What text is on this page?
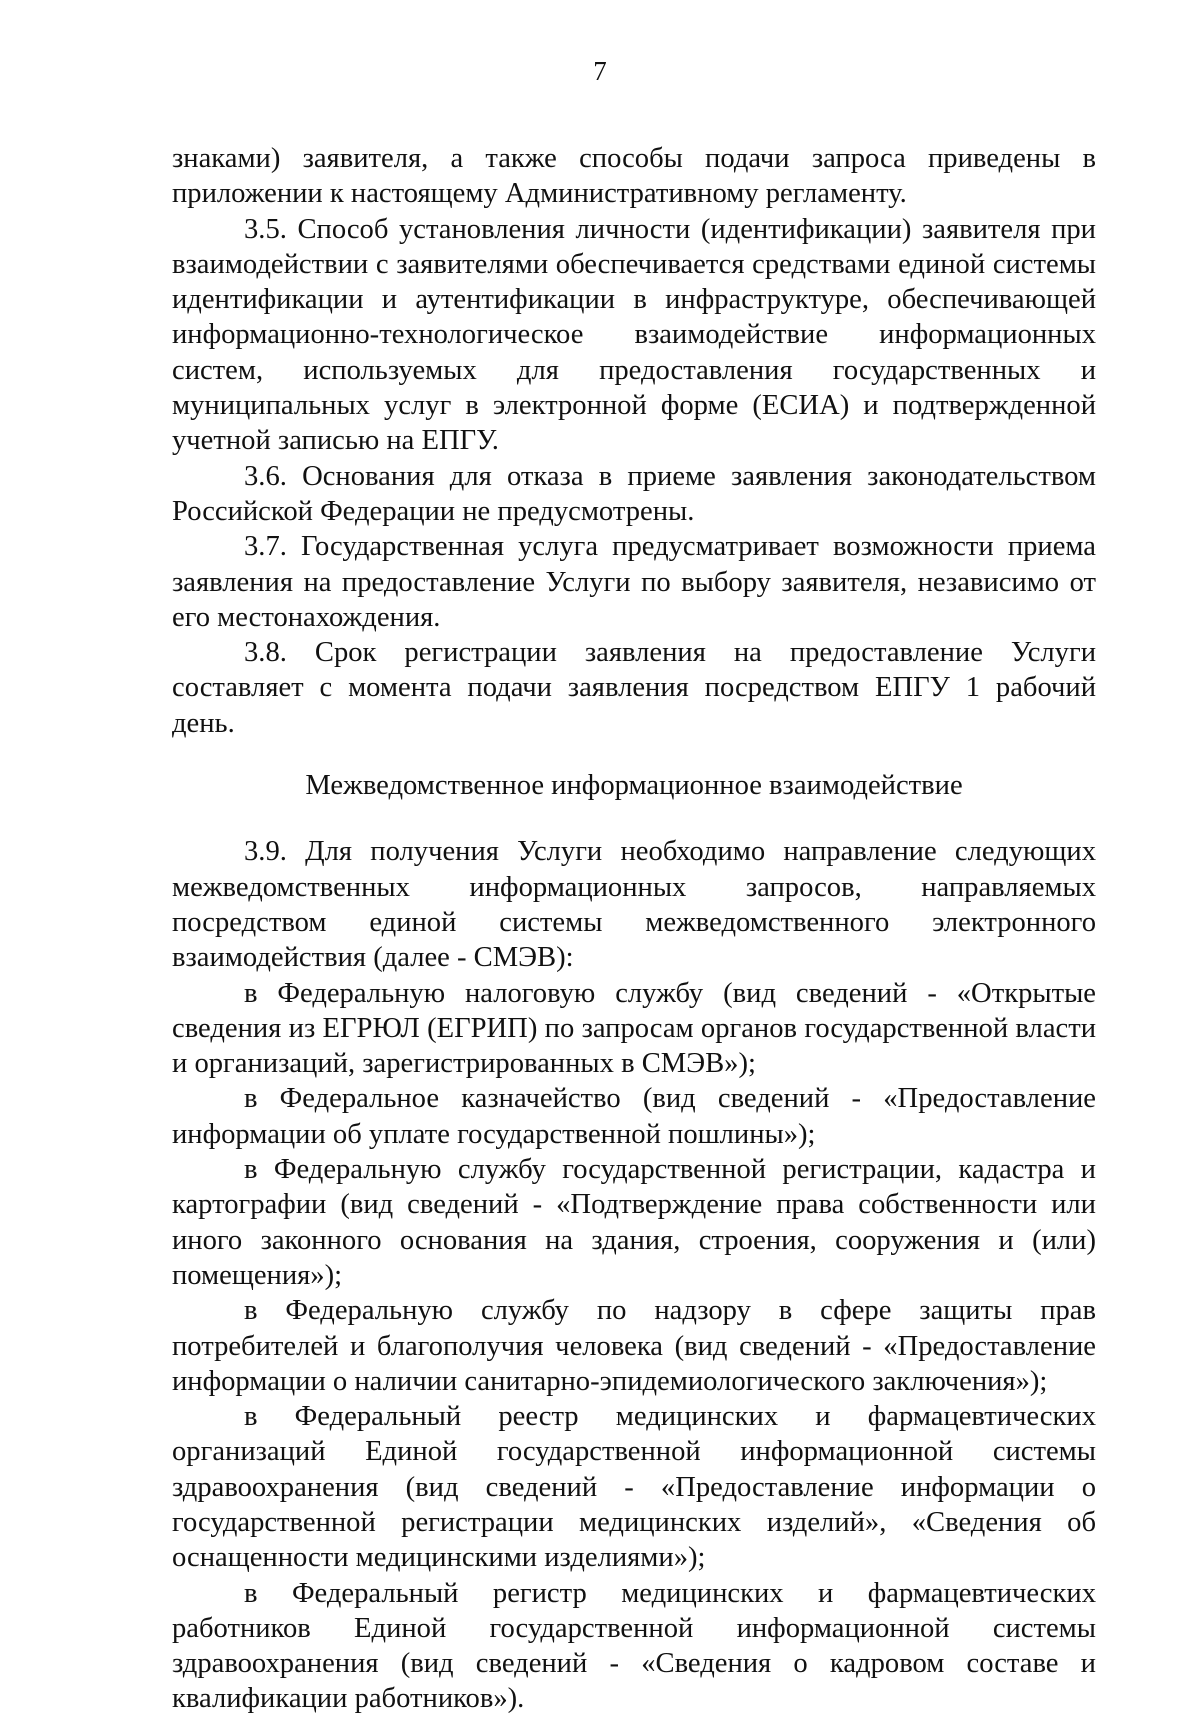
7

знаками) заявителя, а также способы подачи запроса приведены в приложении к настоящему Административному регламенту.

3.5. Способ установления личности (идентификации) заявителя при взаимодействии с заявителями обеспечивается средствами единой системы идентификации и аутентификации в инфраструктуре, обеспечивающей информационно-технологическое взаимодействие информационных систем, используемых для предоставления государственных и муниципальных услуг в электронной форме (ЕСИА) и подтвержденной учетной записью на ЕПГУ.

3.6. Основания для отказа в приеме заявления законодательством Российской Федерации не предусмотрены.

3.7. Государственная услуга предусматривает возможности приема заявления на предоставление Услуги по выбору заявителя, независимо от его местонахождения.

3.8. Срок регистрации заявления на предоставление Услуги составляет с момента подачи заявления посредством ЕПГУ 1 рабочий день.

Межведомственное информационное взаимодействие

3.9. Для получения Услуги необходимо направление следующих межведомственных информационных запросов, направляемых посредством единой системы межведомственного электронного взаимодействия (далее - СМЭВ):

в Федеральную налоговую службу (вид сведений - «Открытые сведения из ЕГРЮЛ (ЕГРИП) по запросам органов государственной власти и организаций, зарегистрированных в СМЭВ»);

в Федеральное казначейство (вид сведений - «Предоставление информации об уплате государственной пошлины»);

в Федеральную службу государственной регистрации, кадастра и картографии (вид сведений - «Подтверждение права собственности или иного законного основания на здания, строения, сооружения и (или) помещения»);

в Федеральную службу по надзору в сфере защиты прав потребителей и благополучия человека (вид сведений - «Предоставление информации о наличии санитарно-эпидемиологического заключения»);

в Федеральный реестр медицинских и фармацевтических организаций Единой государственной информационной системы здравоохранения (вид сведений - «Предоставление информации о государственной регистрации медицинских изделий», «Сведения об оснащенности медицинскими изделиями»);

в Федеральный регистр медицинских и фармацевтических работников Единой государственной информационной системы здравоохранения (вид сведений - «Сведения о кадровом составе и квалификации работников»).
